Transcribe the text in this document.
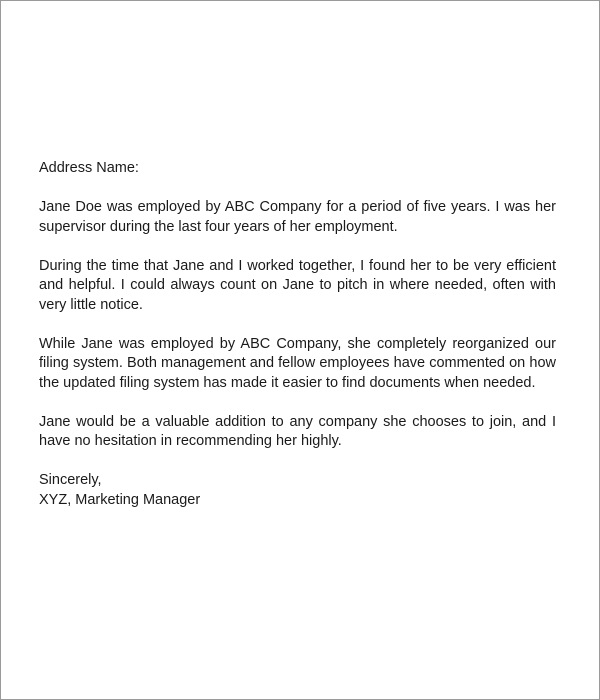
Address Name:

Jane Doe was employed by ABC Company for a period of five years. I was her supervisor during the last four years of her employment.

During the time that Jane and I worked together, I found her to be very efficient and helpful. I could always count on Jane to pitch in where needed, often with very little notice.

While Jane was employed by ABC Company, she completely reorganized our filing system. Both management and fellow employees have commented on how the updated filing system has made it easier to find documents when needed.

Jane would be a valuable addition to any company she chooses to join, and I have no hesitation in recommending her highly.

Sincerely,

XYZ, Marketing Manager
